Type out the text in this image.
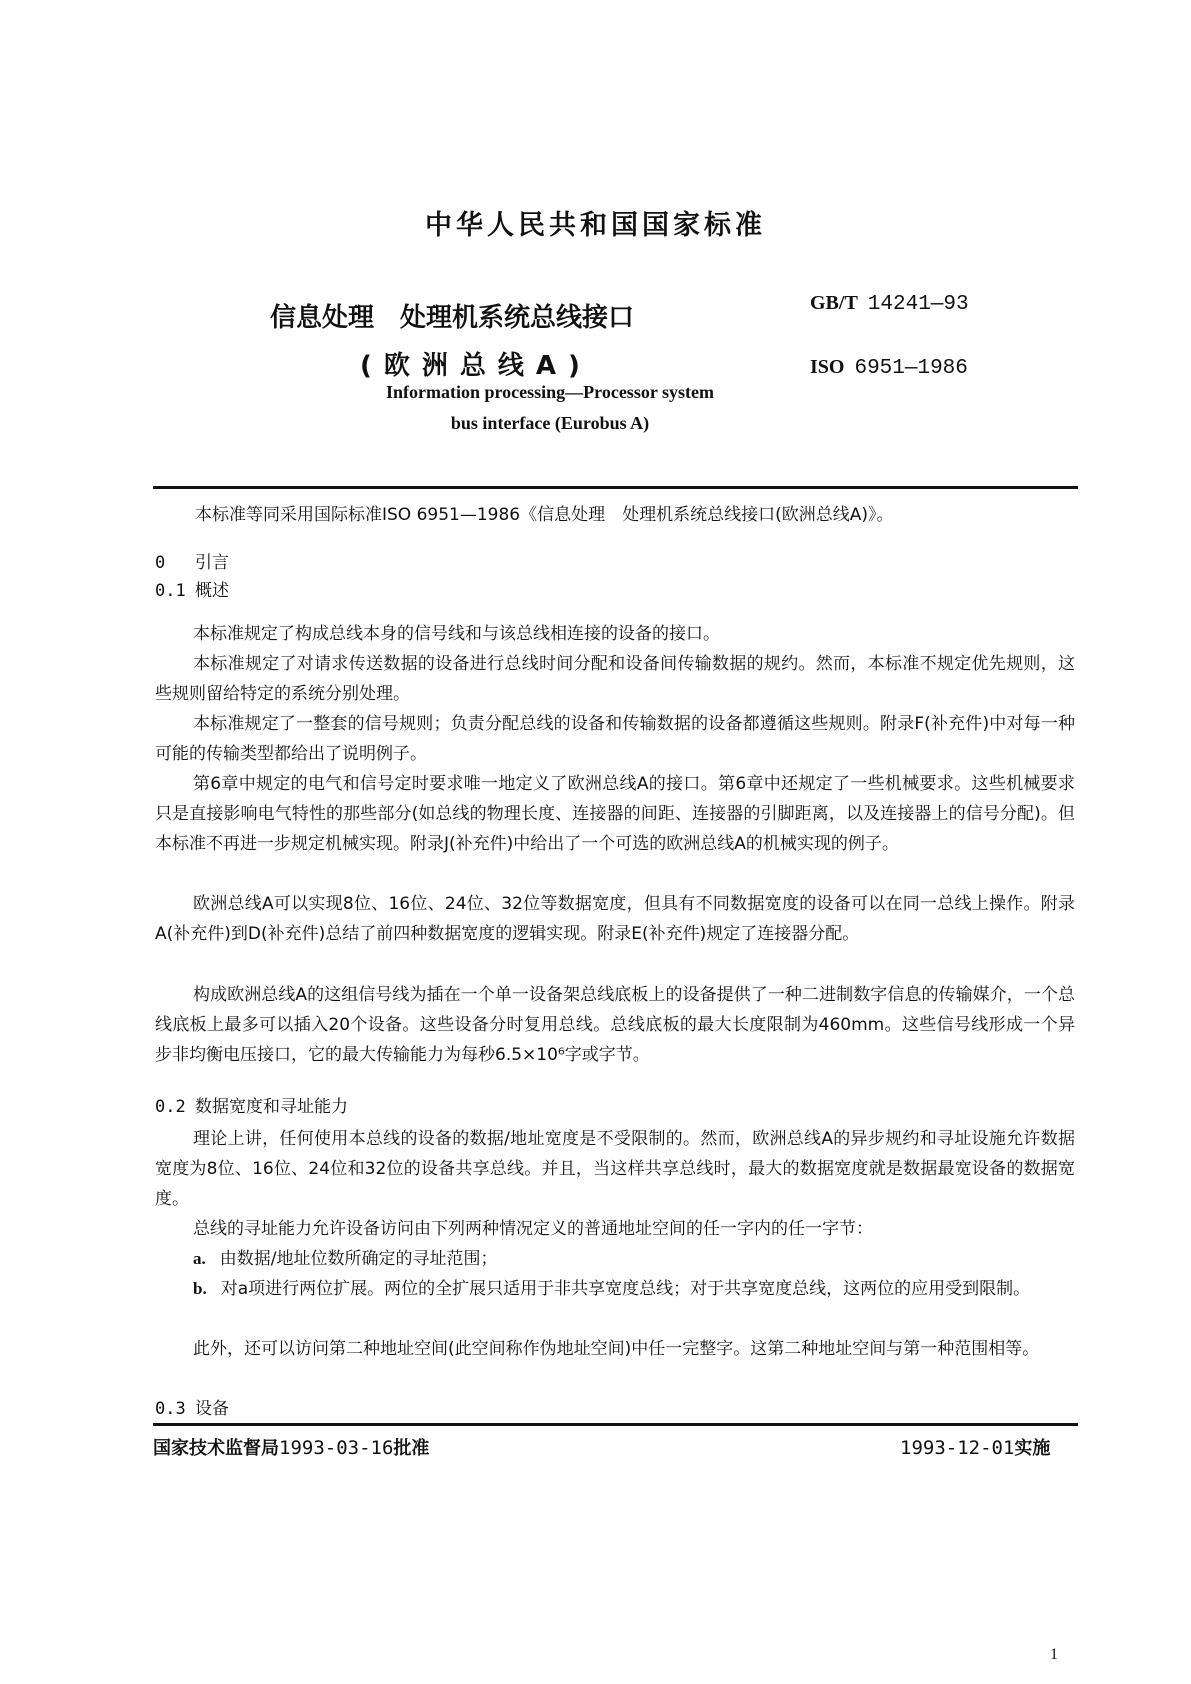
中华人民共和国国家标准
信息处理 处理机系统总线接口
(欧洲总线A)
GB/T 14241—93
ISO 6951—1986
Information processing—Processor system
bus interface (Eurobus A)
本标准等同采用国际标准ISO 6951—1986《信息处理　处理机系统总线接口(欧洲总线A)》。
0 引言
0.1 概述
本标准规定了构成总线本身的信号线和与该总线相连接的设备的接口。
本标准规定了对请求传送数据的设备进行总线时间分配和设备间传输数据的规约。然而，本标准不规定优先规则，这些规则留给特定的系统分别处理。
本标准规定了一整套的信号规则；负责分配总线的设备和传输数据的设备都遵循这些规则。附录F(补充件)中对每一种可能的传输类型都给出了说明例子。
第6章中规定的电气和信号定时要求唯一地定义了欧洲总线A的接口。第6章中还规定了一些机械要求。这些机械要求只是直接影响电气特性的那些部分(如总线的物理长度、连接器的间距、连接器的引脚距离，以及连接器上的信号分配)。但本标准不再进一步规定机械实现。附录J(补充件)中给出了一个可选的欧洲总线A的机械实现的例子。
欧洲总线A可以实现8位、16位、24位、32位等数据宽度，但具有不同数据宽度的设备可以在同一总线上操作。附录A(补充件)到D(补充件)总结了前四种数据宽度的逻辑实现。附录E(补充件)规定了连接器分配。
构成欧洲总线A的这组信号线为插在一个单一设备架总线底板上的设备提供了一种二进制数字信息的传输媒介，一个总线底板上最多可以插入20个设备。这些设备分时复用总线。总线底板的最大长度限制为460mm。这些信号线形成一个异步非均衡电压接口，它的最大传输能力为每秒6.5×10⁶字或字节。
0.2 数据宽度和寻址能力
理论上讲，任何使用本总线的设备的数据/地址宽度是不受限制的。然而，欧洲总线A的异步规约和寻址设施允许数据宽度为8位、16位、24位和32位的设备共享总线。并且，当这样共享总线时，最大的数据宽度就是数据最宽设备的数据宽度。
总线的寻址能力允许设备访问由下列两种情况定义的普通地址空间的任一字内的任一字节：
a. 由数据/地址位数所确定的寻址范围；
b. 对a项进行两位扩展。两位的全扩展只适用于非共享宽度总线；对于共享宽度总线，这两位的应用受到限制。
此外，还可以访问第二种地址空间(此空间称作伪地址空间)中任一完整字。这第二种地址空间与第一种范围相等。
0.3 设备
国家技术监督局1993-03-16批准	1993-12-01实施
1
